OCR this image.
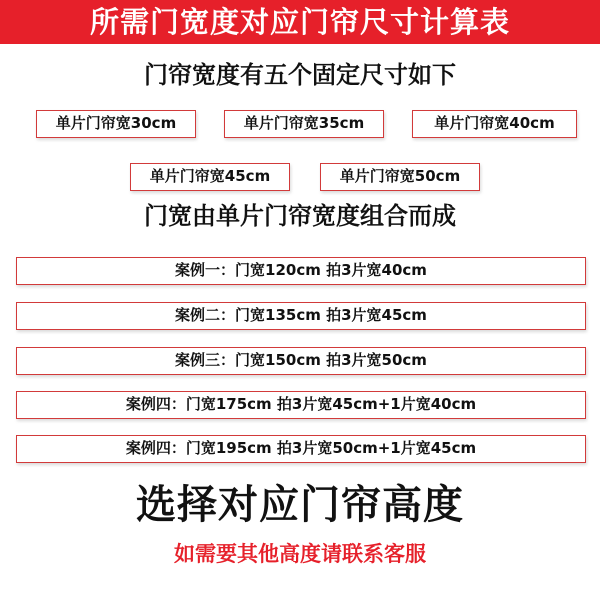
所需门宽度对应门帘尺寸计算表
门帘宽度有五个固定尺寸如下
单片门帘宽30cm	单片门帘宽35cm	单片门帘宽40cm
单片门帘宽45cm	单片门帘宽50cm
门宽由单片门帘宽度组合而成
案例一：门宽120cm 拍3片宽40cm
案例二：门宽135cm 拍3片宽45cm
案例三：门宽150cm 拍3片宽50cm
案例四：门宽175cm 拍3片宽45cm+1片宽40cm
案例四：门宽195cm 拍3片宽50cm+1片宽45cm
选择对应门帘高度
如需要其他高度请联系客服
